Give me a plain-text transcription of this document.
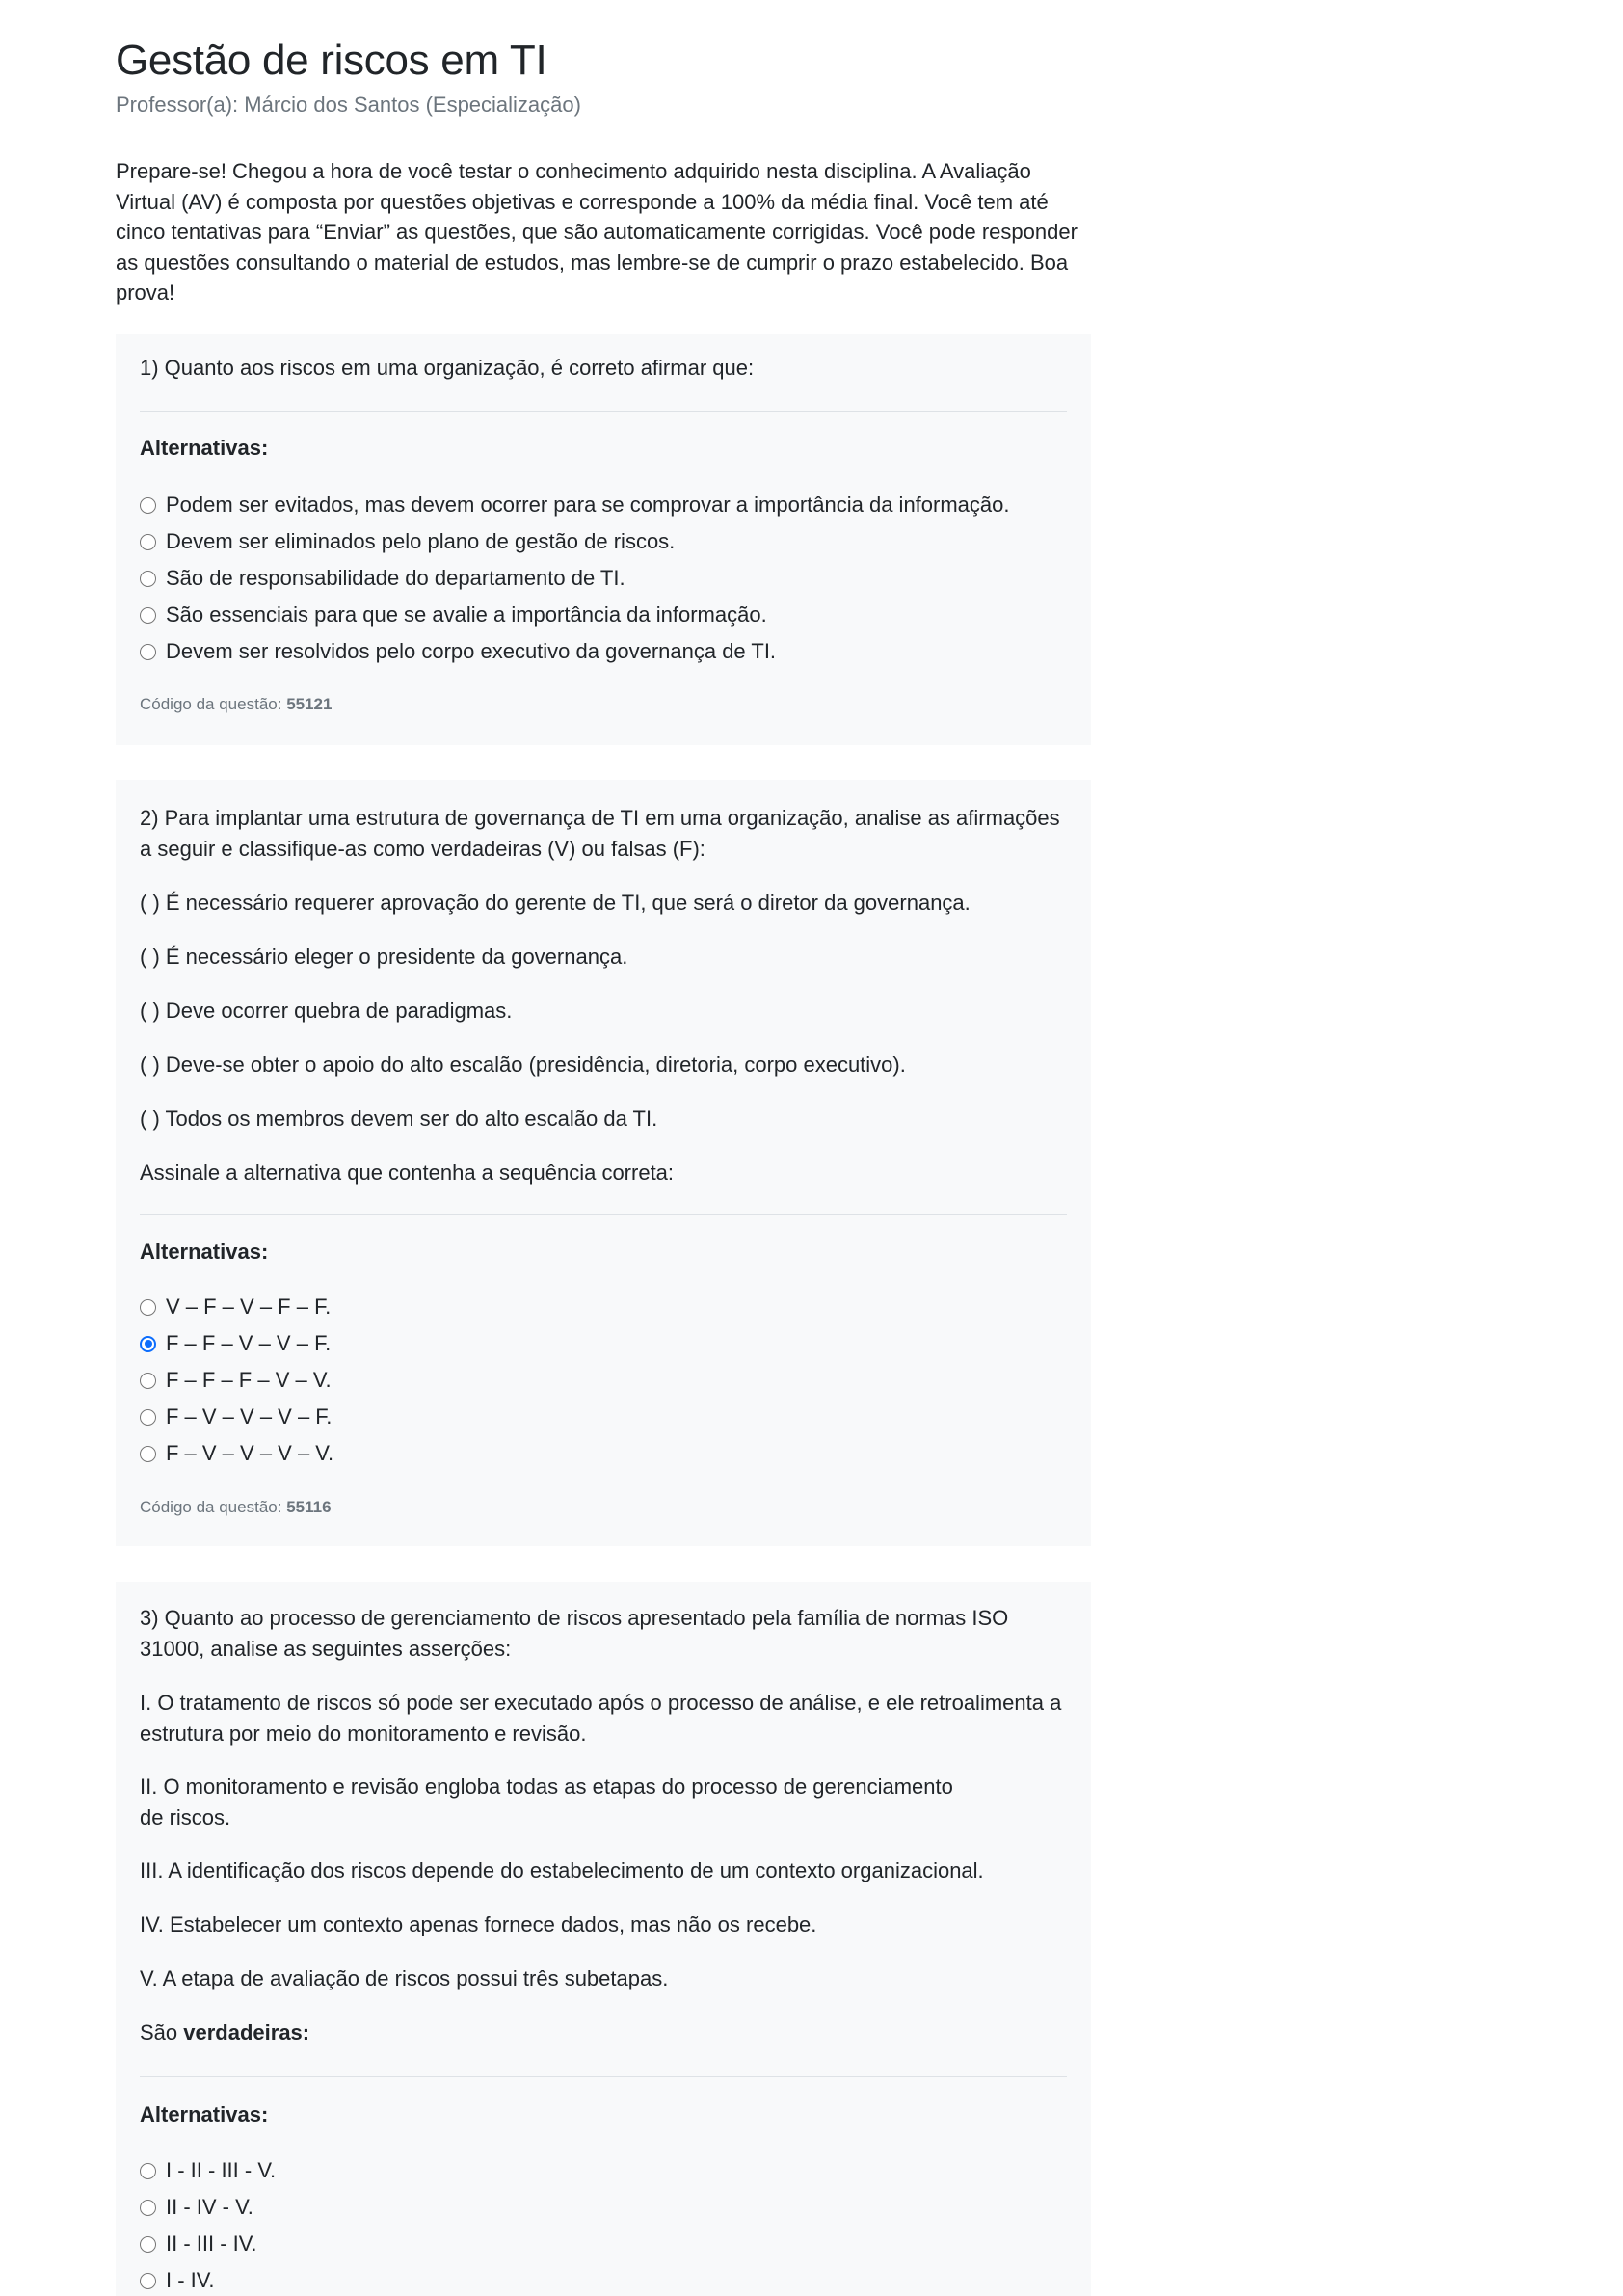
Gestão de riscos em TI
Professor(a): Márcio dos Santos (Especialização)

Prepare-se! Chegou a hora de você testar o conhecimento adquirido nesta disciplina. A Avaliação Virtual (AV) é composta por questões objetivas e corresponde a 100% da média final. Você tem até cinco tentativas para “Enviar” as questões, que são automaticamente corrigidas. Você pode responder as questões consultando o material de estudos, mas lembre-se de cumprir o prazo estabelecido. Boa prova!

1) Quanto aos riscos em uma organização, é correto afirmar que:

Alternativas:
Podem ser evitados, mas devem ocorrer para se comprovar a importância da informação.
Devem ser eliminados pelo plano de gestão de riscos.
São de responsabilidade do departamento de TI.
São essenciais para que se avalie a importância da informação.
Devem ser resolvidos pelo corpo executivo da governança de TI.
Código da questão: 55121

2) Para implantar uma estrutura de governança de TI em uma organização, analise as afirmações a seguir e classifique-as como verdadeiras (V) ou falsas (F):

( ) É necessário requerer aprovação do gerente de TI, que será o diretor da governança.

( ) É necessário eleger o presidente da governança.

( ) Deve ocorrer quebra de paradigmas.

( ) Deve-se obter o apoio do alto escalão (presidência, diretoria, corpo executivo).

( ) Todos os membros devem ser do alto escalão da TI.

Assinale a alternativa que contenha a sequência correta:

Alternativas:
V – F – V – F – F.
F – F – V – V – F.
F – F – F – V – V.
F – V – V – V – F.
F – V – V – V – V.
Código da questão: 55116

3) Quanto ao processo de gerenciamento de riscos apresentado pela família de normas ISO 31000, analise as seguintes asserções:

I. O tratamento de riscos só pode ser executado após o processo de análise, e ele retroalimenta a estrutura por meio do monitoramento e revisão.

II. O monitoramento e revisão engloba todas as etapas do processo de gerenciamento de riscos.

III. A identificação dos riscos depende do estabelecimento de um contexto organizacional.

IV. Estabelecer um contexto apenas fornece dados, mas não os recebe.

V. A etapa de avaliação de riscos possui três subetapas.

São verdadeiras:

Alternativas:
I - II - III - V.
II - IV - V.
II - III - IV.
I - IV.
